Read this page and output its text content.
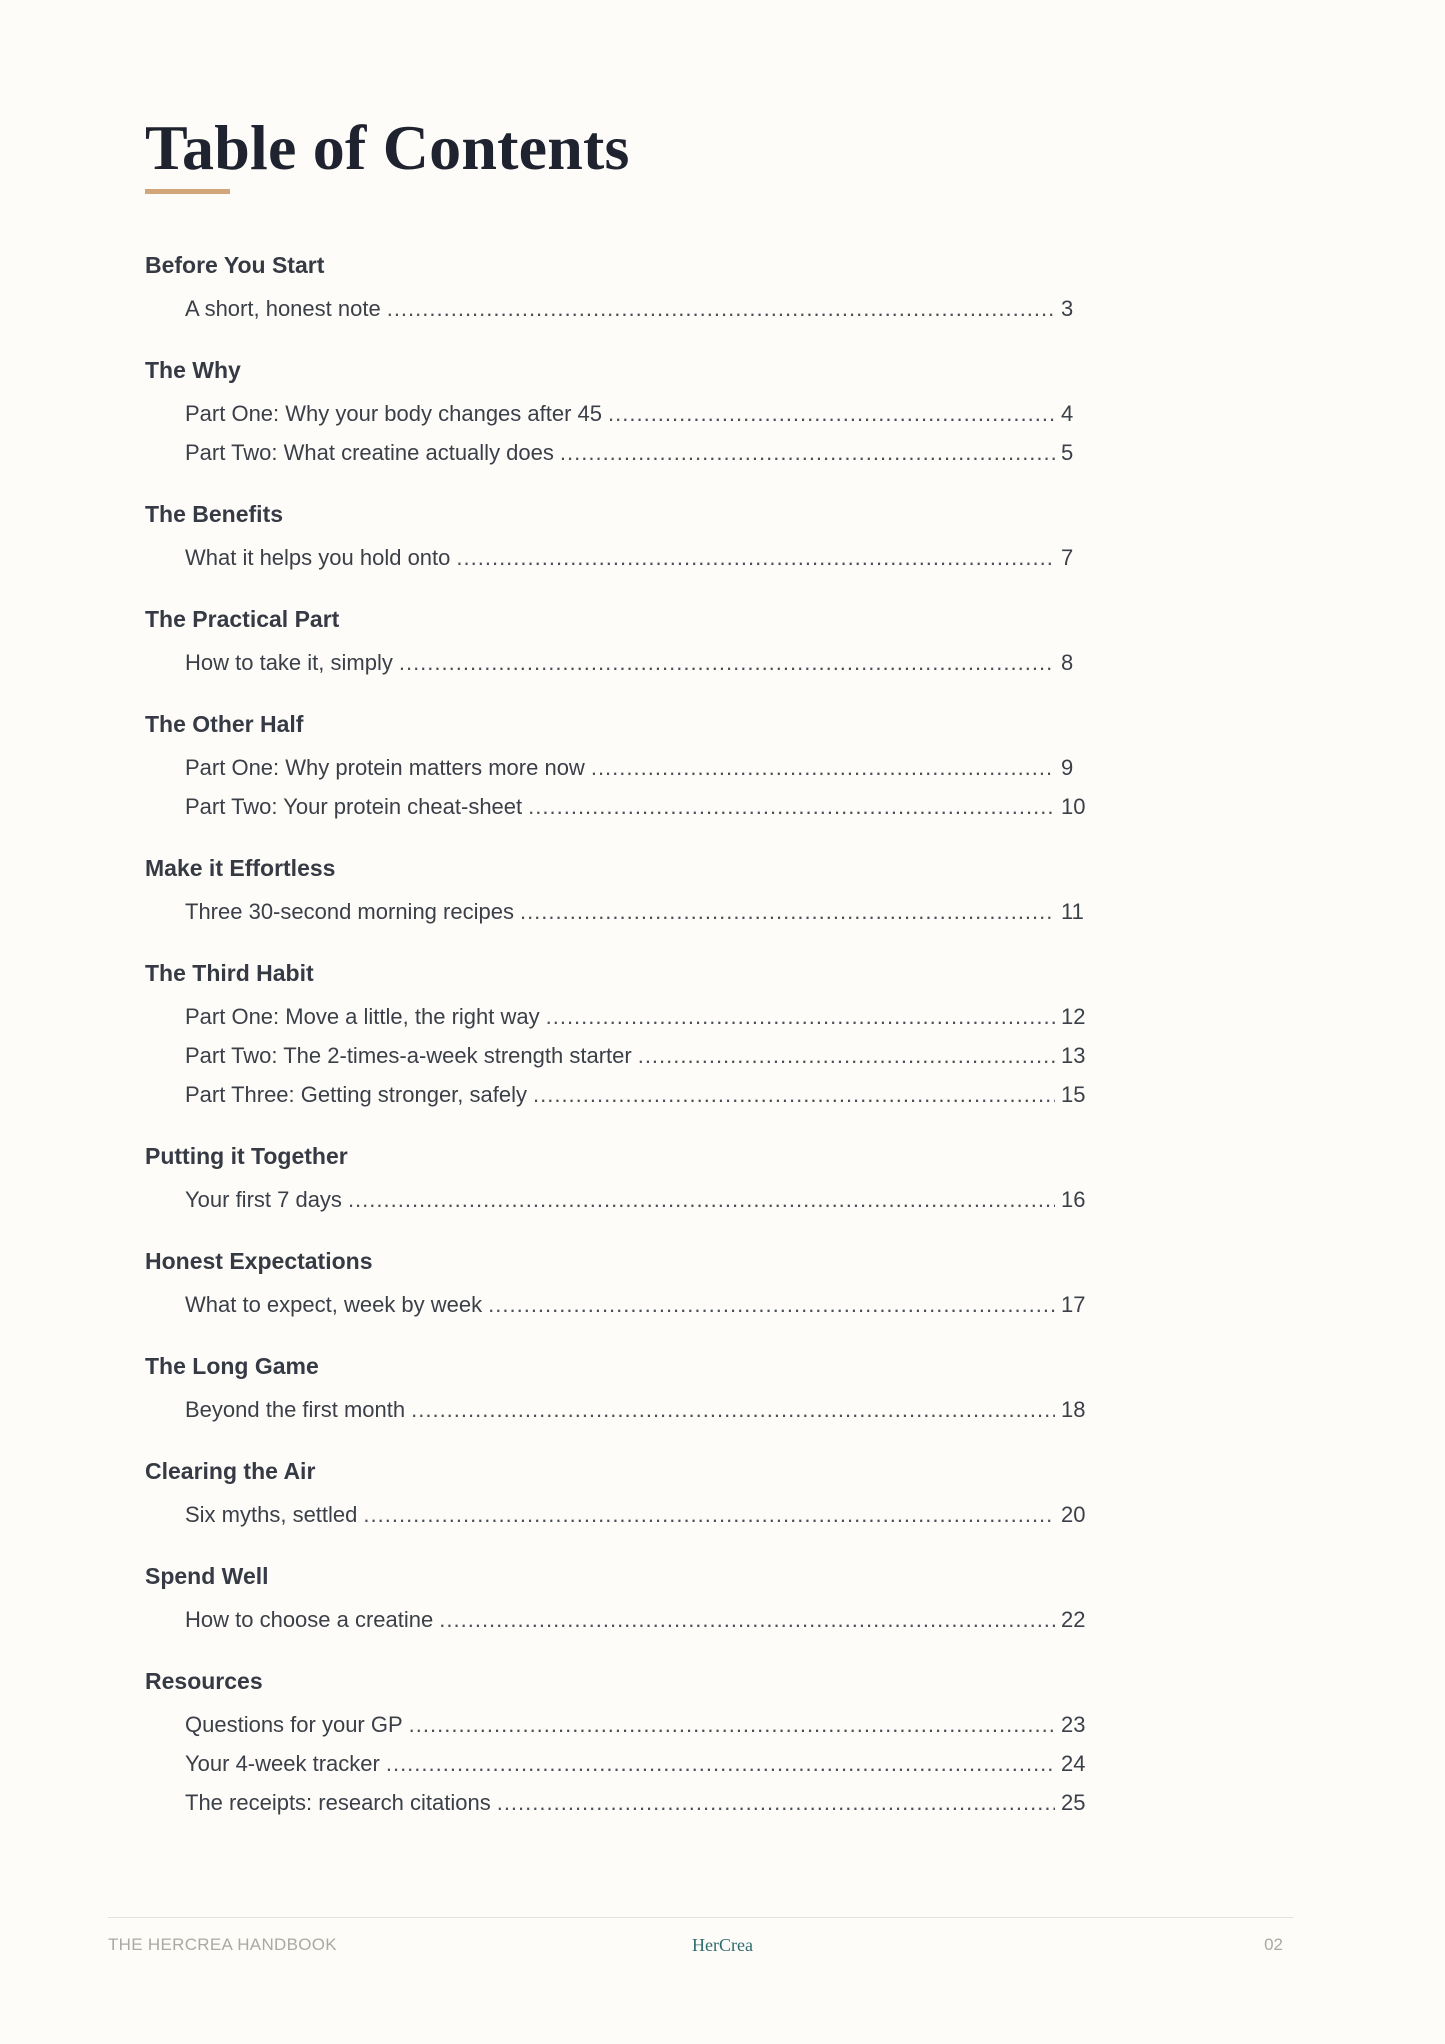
Table of Contents
Before You Start
A short, honest note .....	3
The Why
Part One: Why your body changes after 45 .....	4
Part Two: What creatine actually does .....	5
The Benefits
What it helps you hold onto .....	7
The Practical Part
How to take it, simply .....	8
The Other Half
Part One: Why protein matters more now .....	9
Part Two: Your protein cheat-sheet .....	10
Make it Effortless
Three 30-second morning recipes .....	11
The Third Habit
Part One: Move a little, the right way .....	12
Part Two: The 2-times-a-week strength starter .....	13
Part Three: Getting stronger, safely .....	15
Putting it Together
Your first 7 days .....	16
Honest Expectations
What to expect, week by week .....	17
The Long Game
Beyond the first month .....	18
Clearing the Air
Six myths, settled .....	20
Spend Well
How to choose a creatine .....	22
Resources
Questions for your GP .....	23
Your 4-week tracker .....	24
The receipts: research citations .....	25
THE HERCREA HANDBOOK	HerCrea	02
